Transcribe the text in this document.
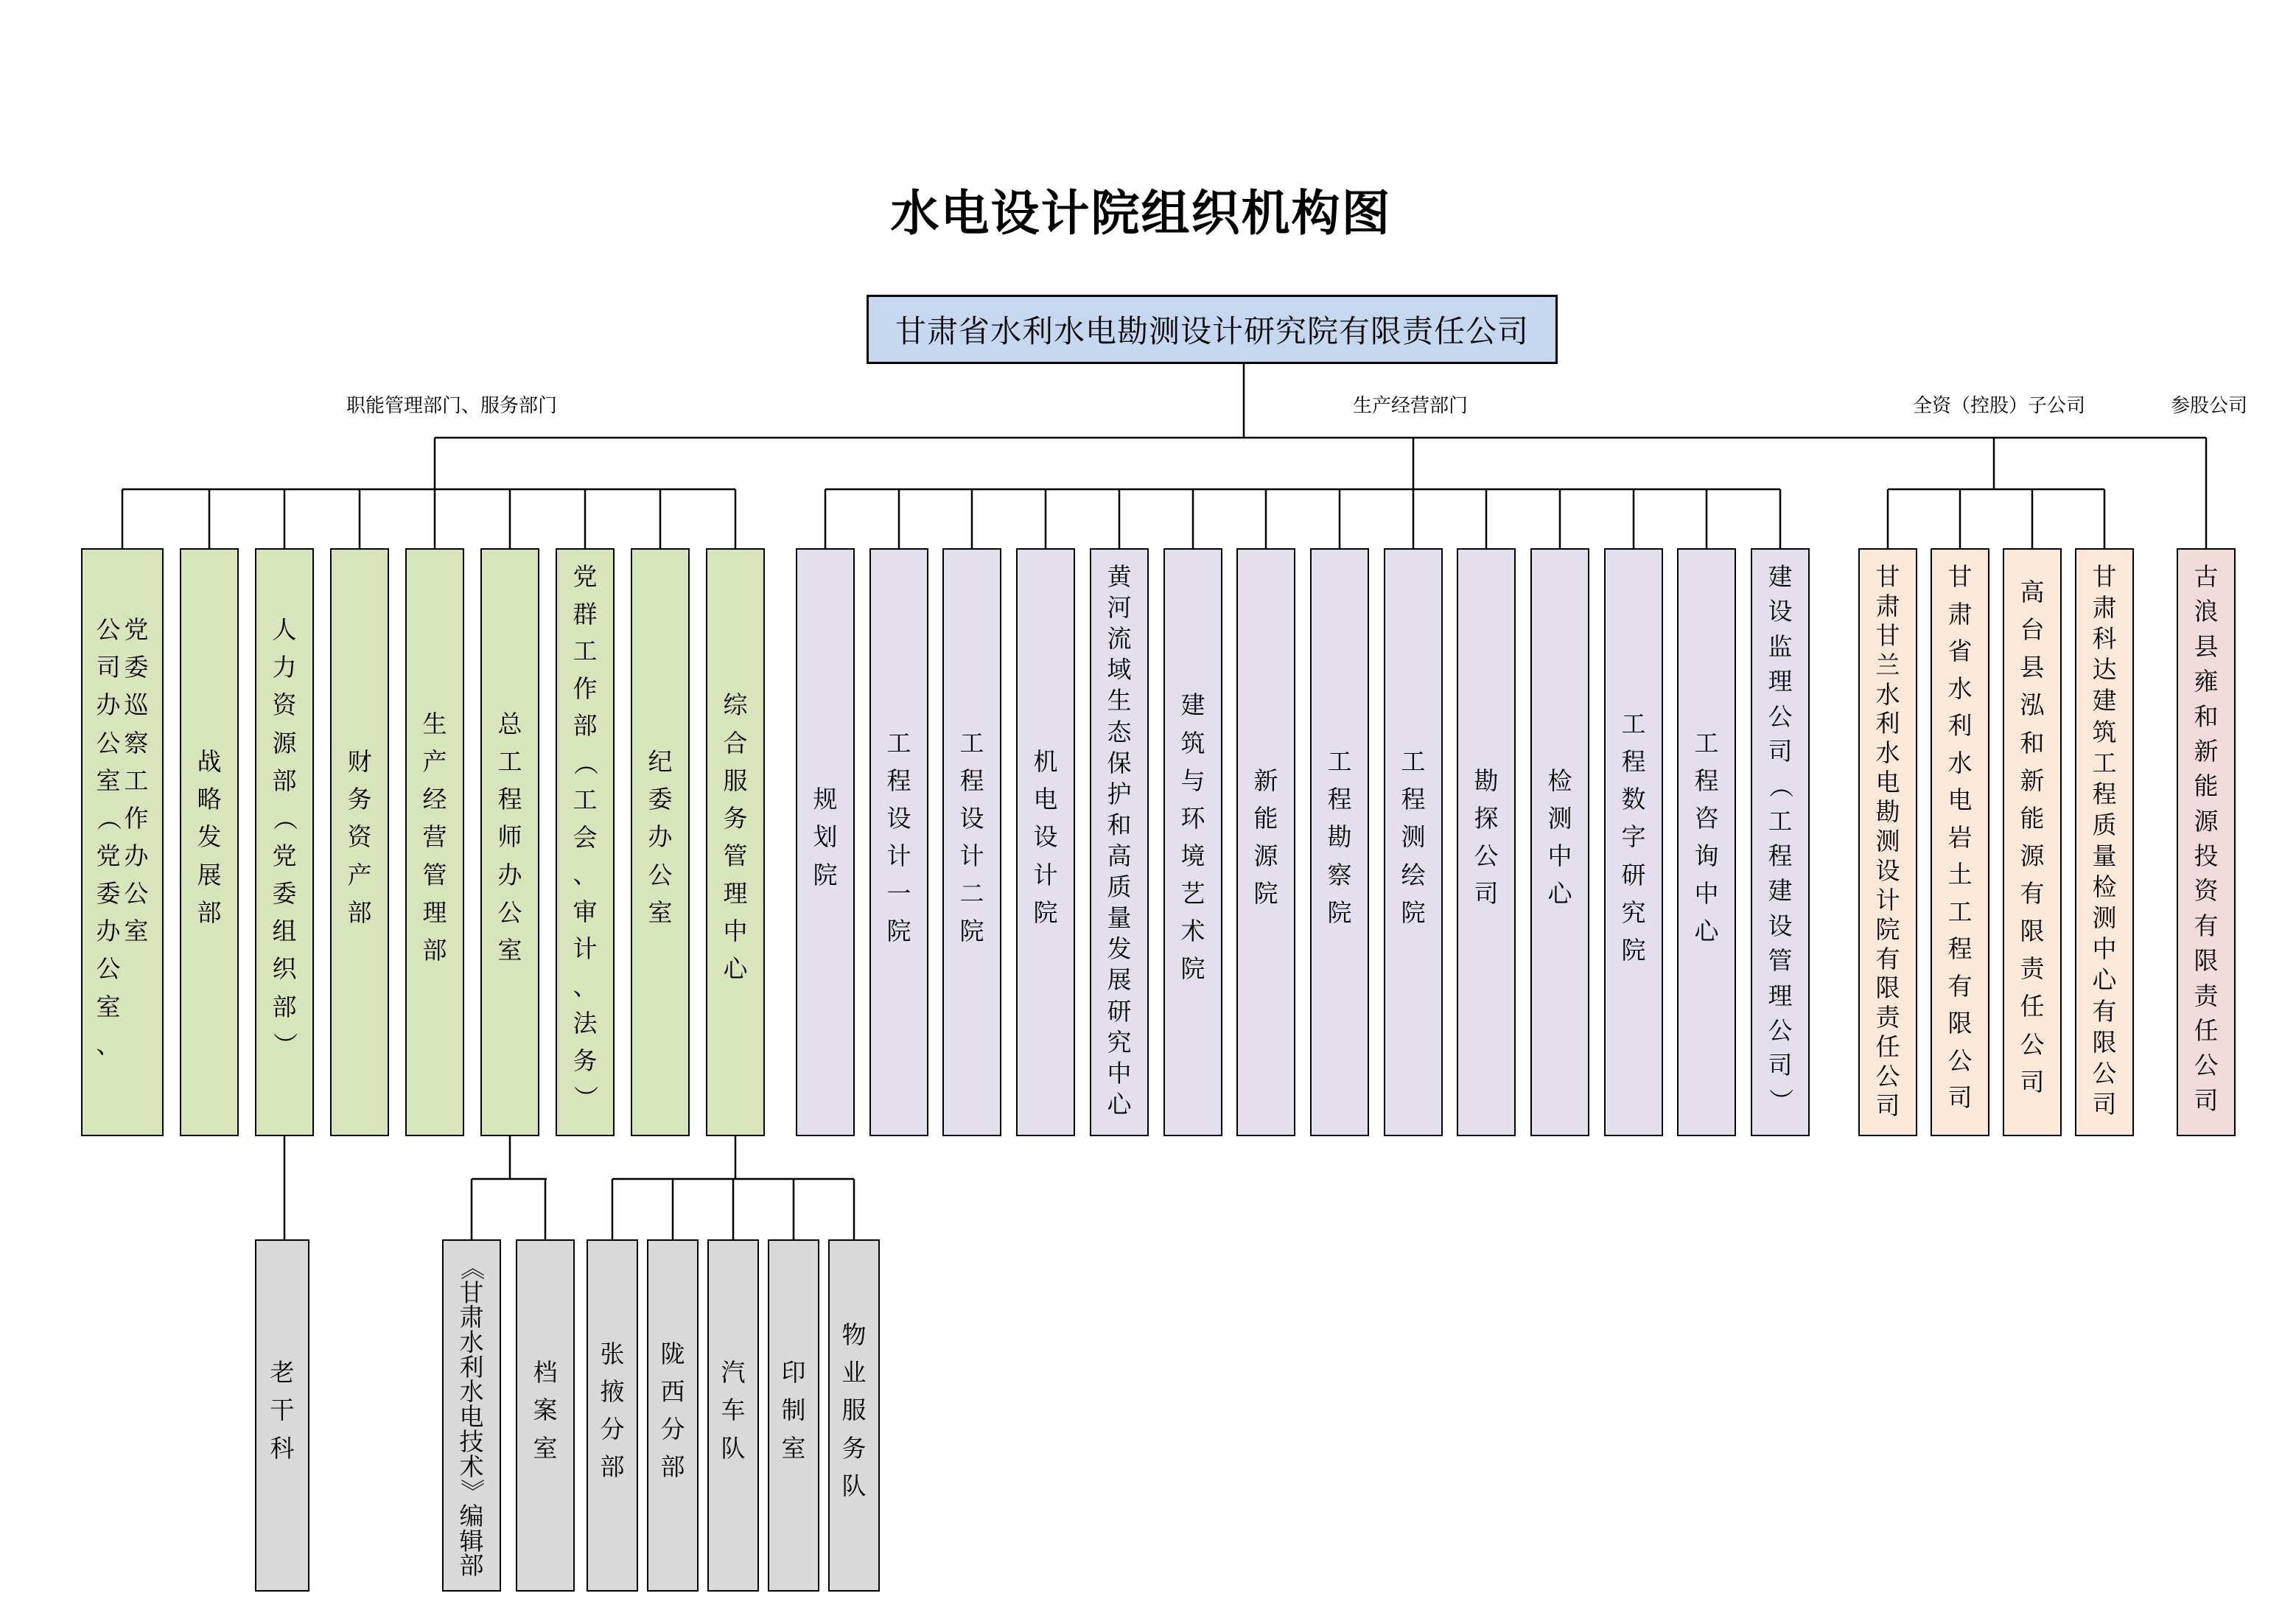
水电设计院组织机构图
甘肃省水利水电勘测设计研究院有限责任公司
职能管理部门、服务部门	生产经营部门	全资（控股）子公司	参股公司
党
委
巡
察
工
作
办
公
室
公
司
办
公
室
（
党
委
办
公
室
、
战
略
发
展
部
人
力
资
源
部
（
党
委
组
织
部
）
财
务
资
产
部
生
产
经
营
管
理
部
总
工
程
师
办
公
室
党
群
工
作
部
（
工
会
、
审
计
、
法
务
）
纪
委
办
公
室
综
合
服
务
管
理
中
心
规
划
院
工
程
设
计
一
院
工
程
设
计
二
院
机
电
设
计
院
黄
河
流
域
生
态
保
护
和
高
质
量
发
展
研
究
中
心
建
筑
与
环
境
艺
术
院
新
能
源
院
工
程
勘
察
院
工
程
测
绘
院
勘
探
公
司
检
测
中
心
工
程
数
字
研
究
院
工
程
咨
询
中
心
建
设
监
理
公
司
（
工
程
建
设
管
理
公
司
）
甘
肃
甘
兰
水
利
水
电
勘
测
设
计
院
有
限
责
任
公
司
甘
肃
省
水
利
水
电
岩
土
工
程
有
限
公
司
高
台
县
泓
和
新
能
源
有
限
责
任
公
司
甘
肃
科
达
建
筑
工
程
质
量
检
测
中
心
有
限
公
司
古
浪
县
雍
和
新
能
源
投
资
有
限
责
任
公
司
老
干
科
《
甘
肃
水
利
水
电
技
术
》
编
辑
部
档
案
室
张
掖
分
部
陇
西
分
部
汽
车
队
印
制
室
物
业
服
务
队
